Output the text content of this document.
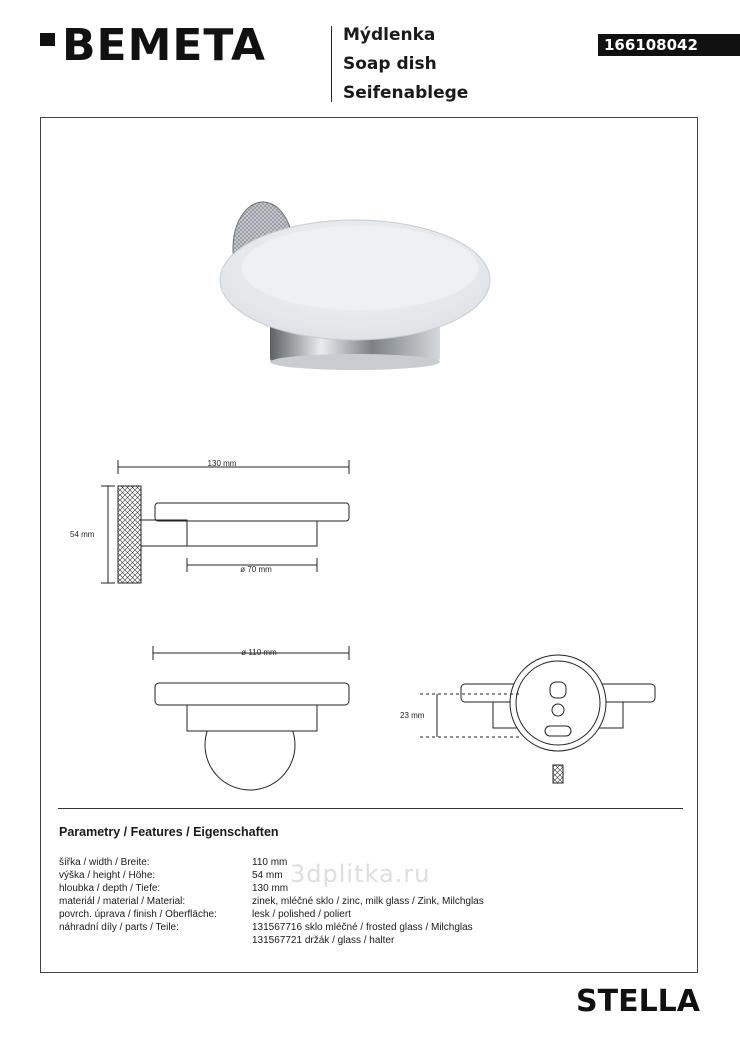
BEMETA	Mýdlenka
Soap dish
Seifenablege
166108042
130 mm
54 mm
ø 70 mm
ø 110 mm
23 mm
Parametry / Features / Eigenschaften
šířka / width / Breite:	110 mm
výška / height / Höhe:	54 mm
hloubka / depth / Tiefe:	130 mm
materiál / material / Material:	zinek, mléčné sklo / zinc, milk glass / Zink, Milchglas
povrch. úprava / finish / Oberfläche:	lesk / polished / poliert
náhradní díly / parts / Teile:	131567716 sklo mléčné / frosted glass / Milchglas
131567721 držák / glass / halter
3dplitka.ru
STELLA
